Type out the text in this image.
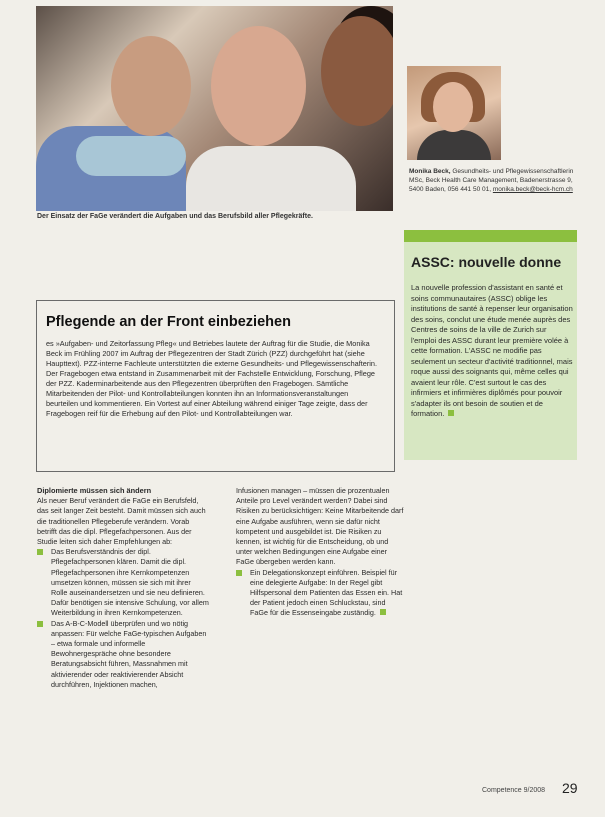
Der Einsatz der FaGe verändert die Aufgaben und das Berufsbild aller Pflegekräfte.
Monika Beck, Gesundheits- und Pflegewissenschaftlerin MSc, Beck Health Care Management, Badenerstrasse 9, 5400 Baden, 056 441 50 01, monika.beck@beck-hcm.ch
ASSC: nouvelle donne
La nouvelle profession d'assistant en santé et soins communautaires (ASSC) oblige les institutions de santé à repenser leur organisation des soins, conclut une étude menée auprès des Centres de soins de la ville de Zurich sur l'emploi des ASSC durant leur première volée à cette formation. L'ASSC ne modifie pas seulement un secteur d'activité traditionnel, mais roque aussi des soignants qui, même celles qui avaient leur rôle. C'est surtout le cas des infirmiers et infirmières diplômés pour pouvoir s'adapter ils ont besoin de soutien et de formation.
Pflegende an der Front einbeziehen
es »Aufgaben- und Zeitorfassung Pfleg« und Betriebes lautete der Auftrag für die Studie, die Monika Beck im Frühling 2007 im Auftrag der Pflegezentren der Stadt Zürich (PZZ) durchgeführt hat (siehe Haupttext). PZZ-interne Fachleute unterstützten die externe Gesundheits- und Pflegewissenschafterin. Der Fragebogen etwa entstand in Zusammenarbeit mit der Fachstelle Entwicklung, Forschung, Pflege der PZZ. Kaderminarbeitende aus den Pflegezentren überprüften den Fragebogen. Sämtliche Mitarbeitenden der Pilot- und Kontrollabteilungen konnten ihn an Informationsveranstaltungen beurteilen und kommentieren. Ein Vortest auf einer Abteilung während einiger Tage zeigte, dass der Fragebogen reif für die Erhebung auf den Pilot- und Kontrollabteilungen war.
Diplomierte müssen sich ändern

Als neuer Beruf verändert die FaGe ein Berufsfeld, das seit langer Zeit besteht. Damit müssen sich auch die traditionellen Pflegeberufe verändern. Vorab betrifft das die dipl. Pflegefachpersonen. Aus der Studie leiten sich daher Empfehlungen ab:

Das Berufsverständnis der dipl. Pflegefachpersonen klären. Damit die dipl. Pflegefachpersonen ihre Kernkompetenzen umsetzen können, müssen sie sich mit ihrer Rolle auseinandersetzen und sie neu definieren. Dafür benötigen sie intensive Schulung, vor allem Weiterbildung in ihren Kernkompetenzen.
Das A-B-C-Modell überprüfen und wo nötig anpassen: Für welche FaGe-typischen Aufgaben – etwa formale und informelle Bewohnergespräche ohne besondere Beratungsabsicht führen, Massnahmen mit aktivierender oder reaktivierender Absicht durchführen, Injektionen machen,

Infusionen managen – müssen die prozentualen Anteile pro Level verändert werden? Dabei sind Risiken zu berücksichtigen: Keine Mitarbeitende darf eine Aufgabe ausführen, wenn sie dafür nicht kompetent und ausgebildet ist. Die Risiken zu kennen, ist wichtig für die Entscheidung, ob und unter welchen Bedingungen eine Aufgabe einer FaGe übergeben werden kann.

Ein Delegationskonzept einführen. Beispiel für eine delegierte Aufgabe: In der Regel gibt Hilfspersonal dem Patienten das Essen ein. Hat der Patient jedoch einen Schluckstau, sind FaGe für die Essenseingabe zuständig.
Competence 9/2008 29
